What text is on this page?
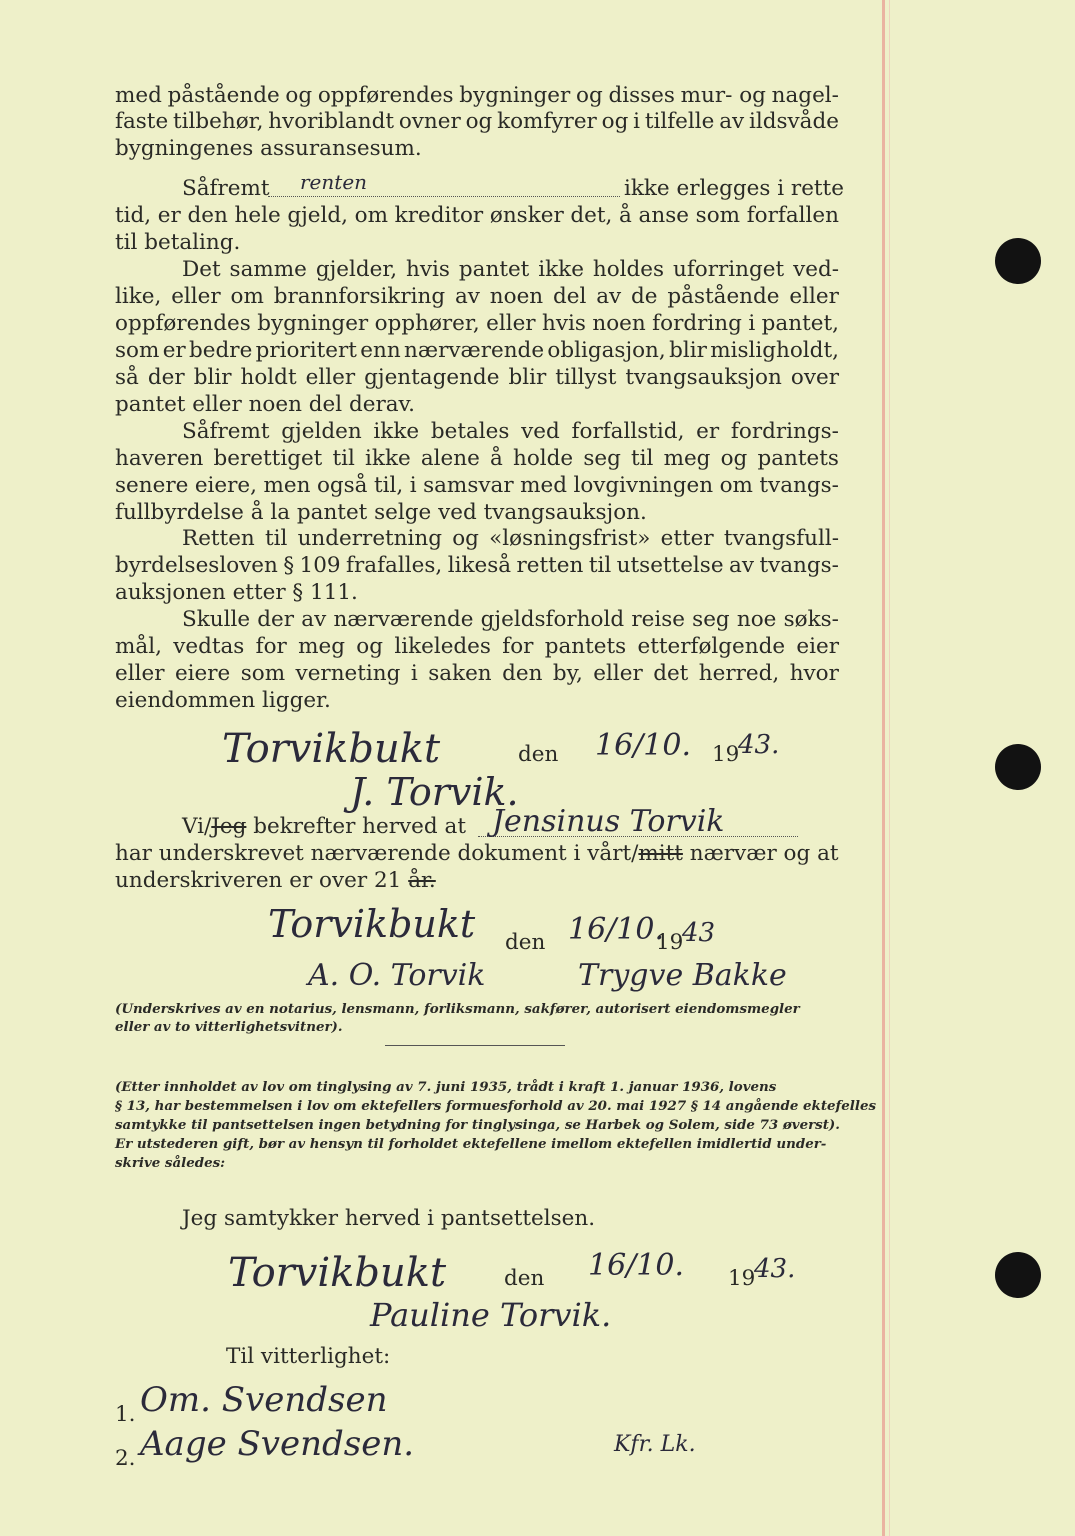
med påstående og oppførendes bygninger og disses mur- og nagel-
faste tilbehør, hvoriblandt ovner og komfyrer og i tilfelle av ildsvåde
bygningenes assuransesum.
tid, er den hele gjeld, om kreditor ønsker det, å anse som forfallen
til betaling.
Det samme gjelder, hvis pantet ikke holdes uforringet ved-
like, eller om brannforsikring av noen del av de påstående eller
oppførendes bygninger opphører, eller hvis noen fordring i pantet,
som er bedre prioritert enn nærværende obligasjon, blir misligholdt,
så der blir holdt eller gjentagende blir tillyst tvangsauksjon over
pantet eller noen del derav.
Såfremt gjelden ikke betales ved forfallstid, er fordrings-
haveren berettiget til ikke alene å holde seg til meg og pantets
senere eiere, men også til, i samsvar med lovgivningen om tvangs-
fullbyrdelse å la pantet selge ved tvangsauksjon.
Retten til underretning og «løsningsfrist» etter tvangsfull-
byrdelsesloven § 109 frafalles, likeså retten til utsettelse av tvangs-
auksjonen etter § 111.
Skulle der av nærværende gjeldsforhold reise seg noe søks-
mål, vedtas for meg og likeledes for pantets etterfølgende eier
eller eiere som verneting i saken den by, eller det herred, hvor
eiendommen ligger.
Såfremt renten	ikke erlegges i rette
Torvikbukt	den 16/10. 19
43.
J. Torvik.
Vi/Jeg bekrefter herved at Jensinus Torvik
har underskrevet nærværende dokument i vårt/mitt nærvær og at
underskriveren er over 21 år.
Torvikbukt den 16/10.
19
43
A. O. Torvik	Trygve Bakke
(Underskrives av en notarius, lensmann, forliksmann, sakfører, autorisert eiendomsmegler
eller av to vitterlighetsvitner).
(Etter innholdet av lov om tinglysing av 7. juni 1935, trådt i kraft 1. januar 1936, lovens
§ 13, har bestemmelsen i lov om ektefellers formuesforhold av 20. mai 1927 § 14 angående ektefelles
samtykke til pantsettelsen ingen betydning for tinglysinga, se Harbek og Solem, side 73 øverst).
Er utstederen gift, bør av hensyn til forholdet ektefellene imellom ektefellen imidlertid under-
skrive således:
Jeg samtykker herved i pantsettelsen.
Torvikbukt	den 16/10. 19
43.
Pauline Torvik.
Til vitterlighet:
1. Om. Svendsen
2. Aage Svendsen.	Kfr. Lk.
